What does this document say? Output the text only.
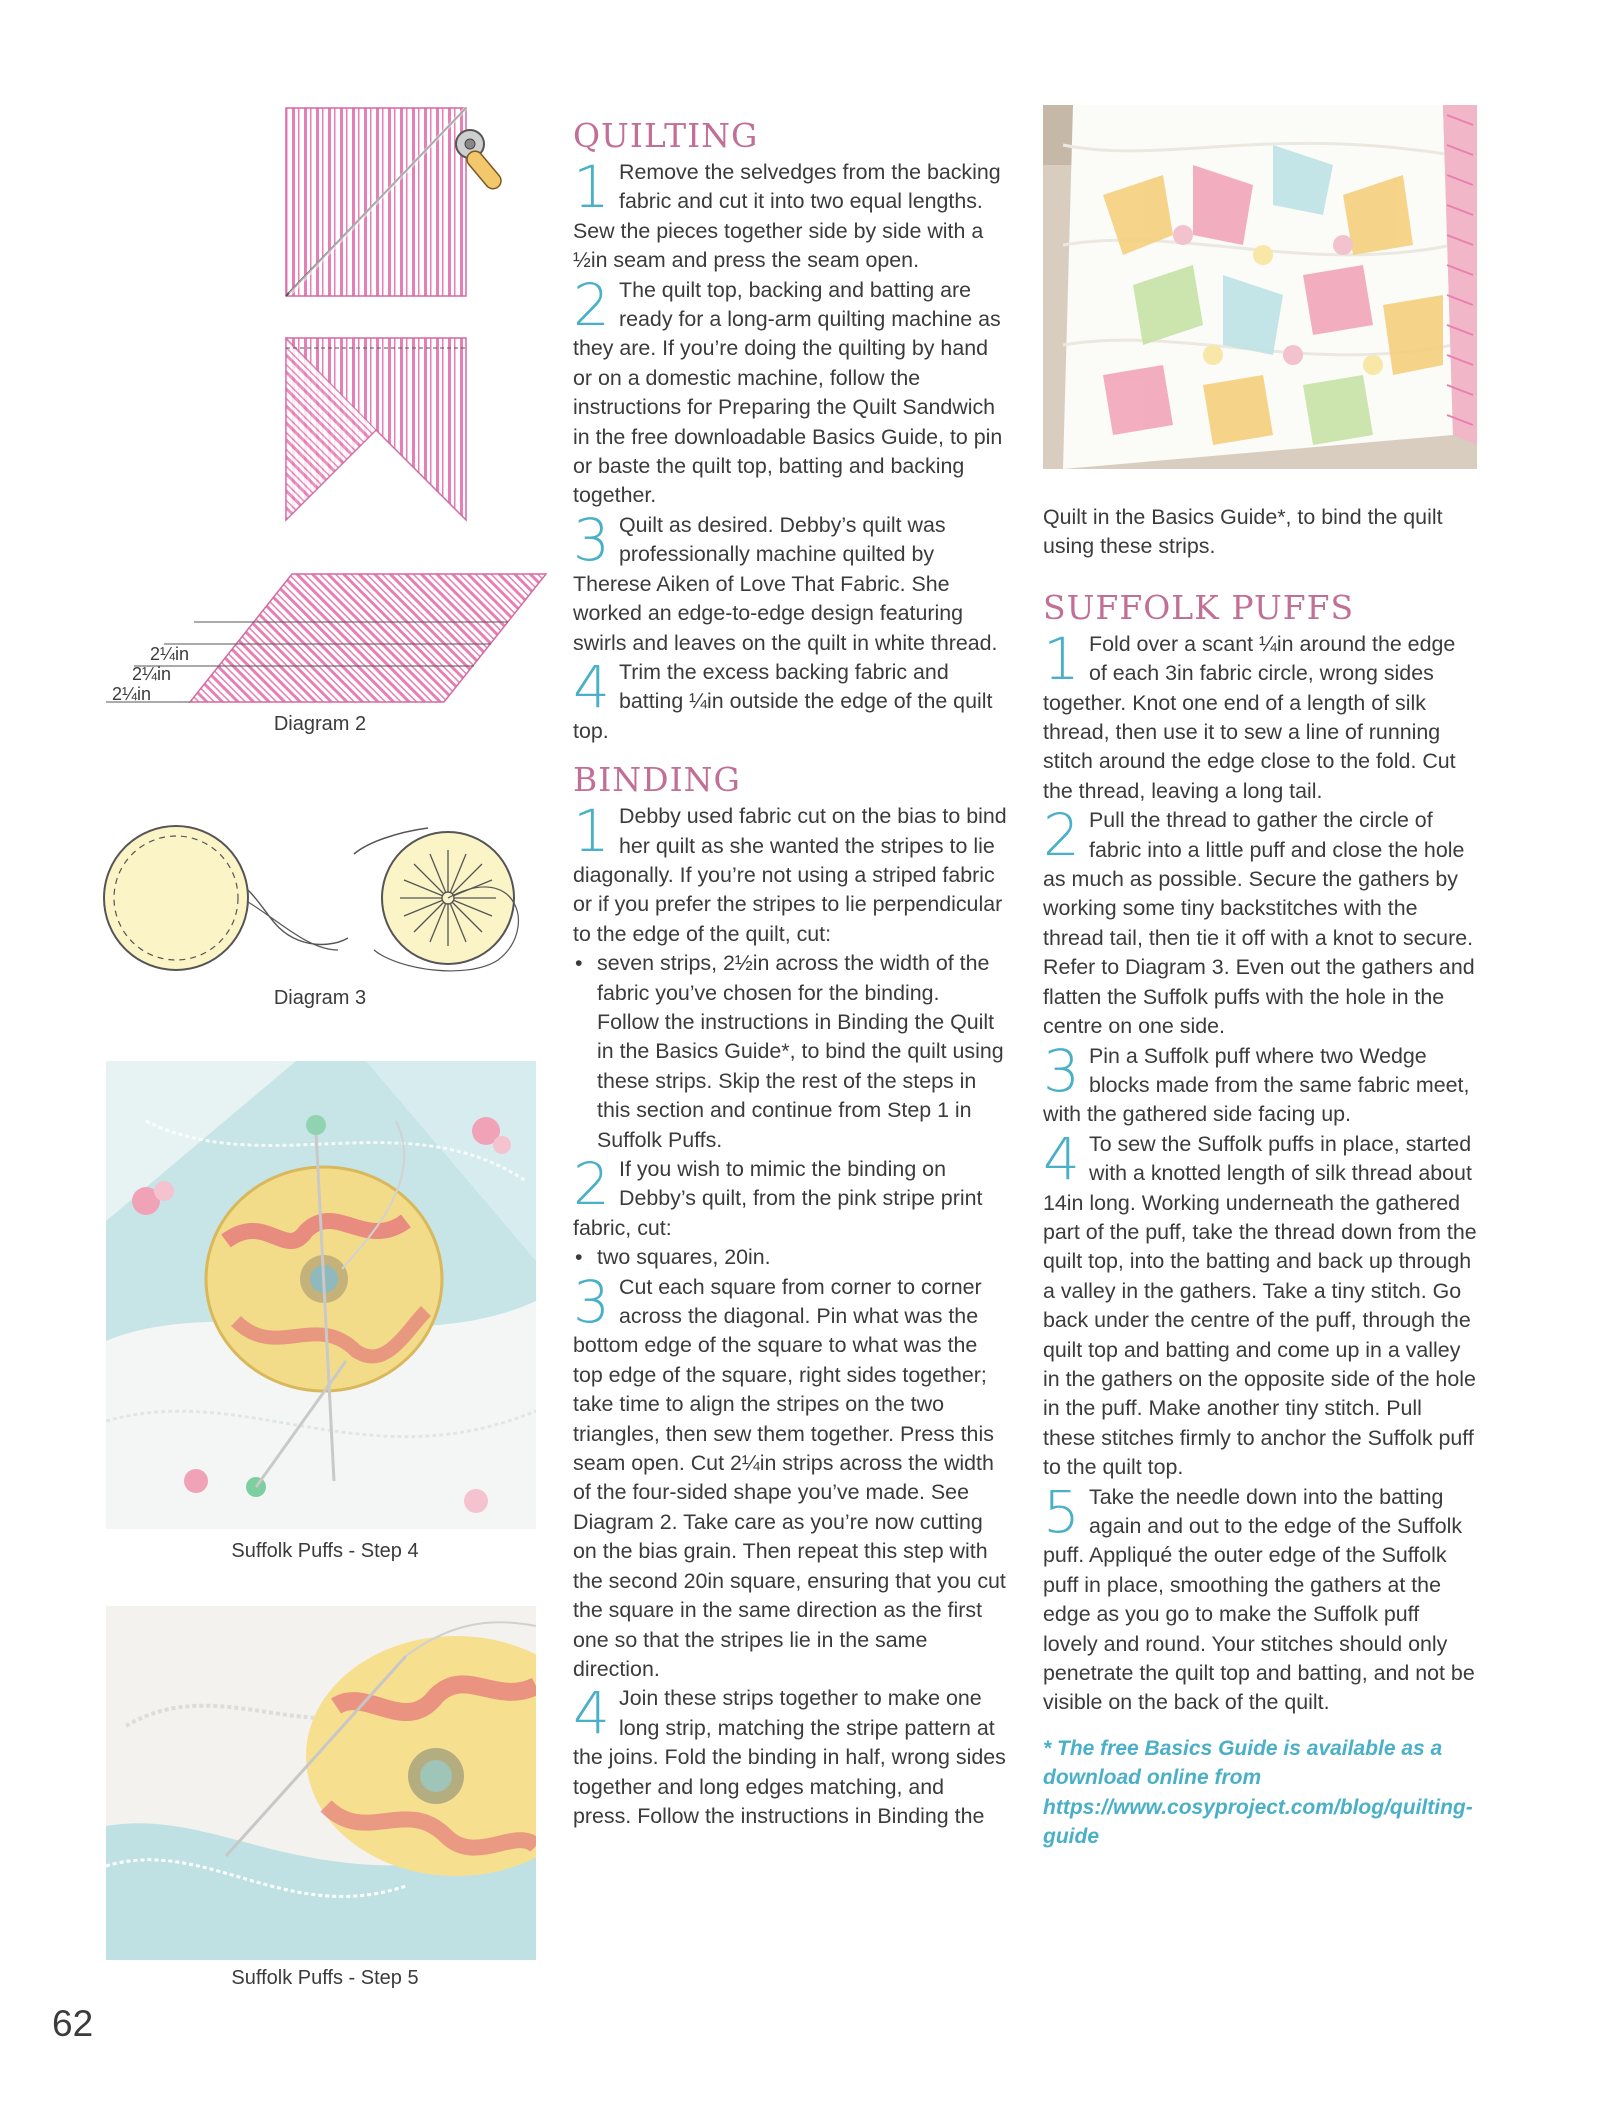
2¼in
2¼in
2¼in
Diagram 2
Diagram 3
Suffolk Puffs - Step 4
Suffolk Puffs - Step 5
62
QUILTING

1 Remove the selvedges from the backing fabric and cut it into two equal lengths. Sew the pieces together side by side with a ½in seam and press the seam open.

2 The quilt top, backing and batting are ready for a long-arm quilting machine as they are. If you’re doing the quilting by hand or on a domestic machine, follow the instructions for Preparing the Quilt Sandwich in the free downloadable Basics Guide, to pin or baste the quilt top, batting and backing together.

3 Quilt as desired. Debby’s quilt was professionally machine quilted by Therese Aiken of Love That Fabric. She worked an edge-to-edge design featuring swirls and leaves on the quilt in white thread.

4 Trim the excess backing fabric and batting ¼in outside the edge of the quilt top.

BINDING

1 Debby used fabric cut on the bias to bind her quilt as she wanted the stripes to lie diagonally. If you’re not using a striped fabric or if you prefer the stripes to lie perpendicular to the edge of the quilt, cut:

• seven strips, 2½in across the width of the fabric you’ve chosen for the binding. Follow the instructions in Binding the Quilt in the Basics Guide*, to bind the quilt using these strips. Skip the rest of the steps in this section and continue from Step 1 in Suffolk Puffs.

2 If you wish to mimic the binding on Debby’s quilt, from the pink stripe print fabric, cut:

• two squares, 20in.

3 Cut each square from corner to corner across the diagonal. Pin what was the bottom edge of the square to what was the top edge of the square, right sides together; take time to align the stripes on the two triangles, then sew them together. Press this seam open. Cut 2¼in strips across the width of the four-sided shape you’ve made. See Diagram 2. Take care as you’re now cutting on the bias grain. Then repeat this step with the second 20in square, ensuring that you cut the square in the same direction as the first one so that the stripes lie in the same direction.

4 Join these strips together to make one long strip, matching the stripe pattern at the joins. Fold the binding in half, wrong sides together and long edges matching, and press. Follow the instructions in Binding the

Quilt in the Basics Guide*, to bind the quilt using these strips.

SUFFOLK PUFFS

1 Fold over a scant ¼in around the edge of each 3in fabric circle, wrong sides together. Knot one end of a length of silk thread, then use it to sew a line of running stitch around the edge close to the fold. Cut the thread, leaving a long tail.

2 Pull the thread to gather the circle of fabric into a little puff and close the hole as much as possible. Secure the gathers by working some tiny backstitches with the thread tail, then tie it off with a knot to secure. Refer to Diagram 3. Even out the gathers and flatten the Suffolk puffs with the hole in the centre on one side.

3 Pin a Suffolk puff where two Wedge blocks made from the same fabric meet, with the gathered side facing up.

4 To sew the Suffolk puffs in place, started with a knotted length of silk thread about 14in long. Working underneath the gathered part of the puff, take the thread down from the quilt top, into the batting and back up through a valley in the gathers. Take a tiny stitch. Go back under the centre of the puff, through the quilt top and batting and come up in a valley in the gathers on the opposite side of the hole in the puff. Make another tiny stitch. Pull these stitches firmly to anchor the Suffolk puff to the quilt top.

5 Take the needle down into the batting again and out to the edge of the Suffolk puff. Appliqué the outer edge of the Suffolk puff in place, smoothing the gathers at the edge as you go to make the Suffolk puff lovely and round. Your stitches should only penetrate the quilt top and batting, and not be visible on the back of the quilt.

* The free Basics Guide is available as a download online from https://www.cosyproject.com/blog/quilting-guide
